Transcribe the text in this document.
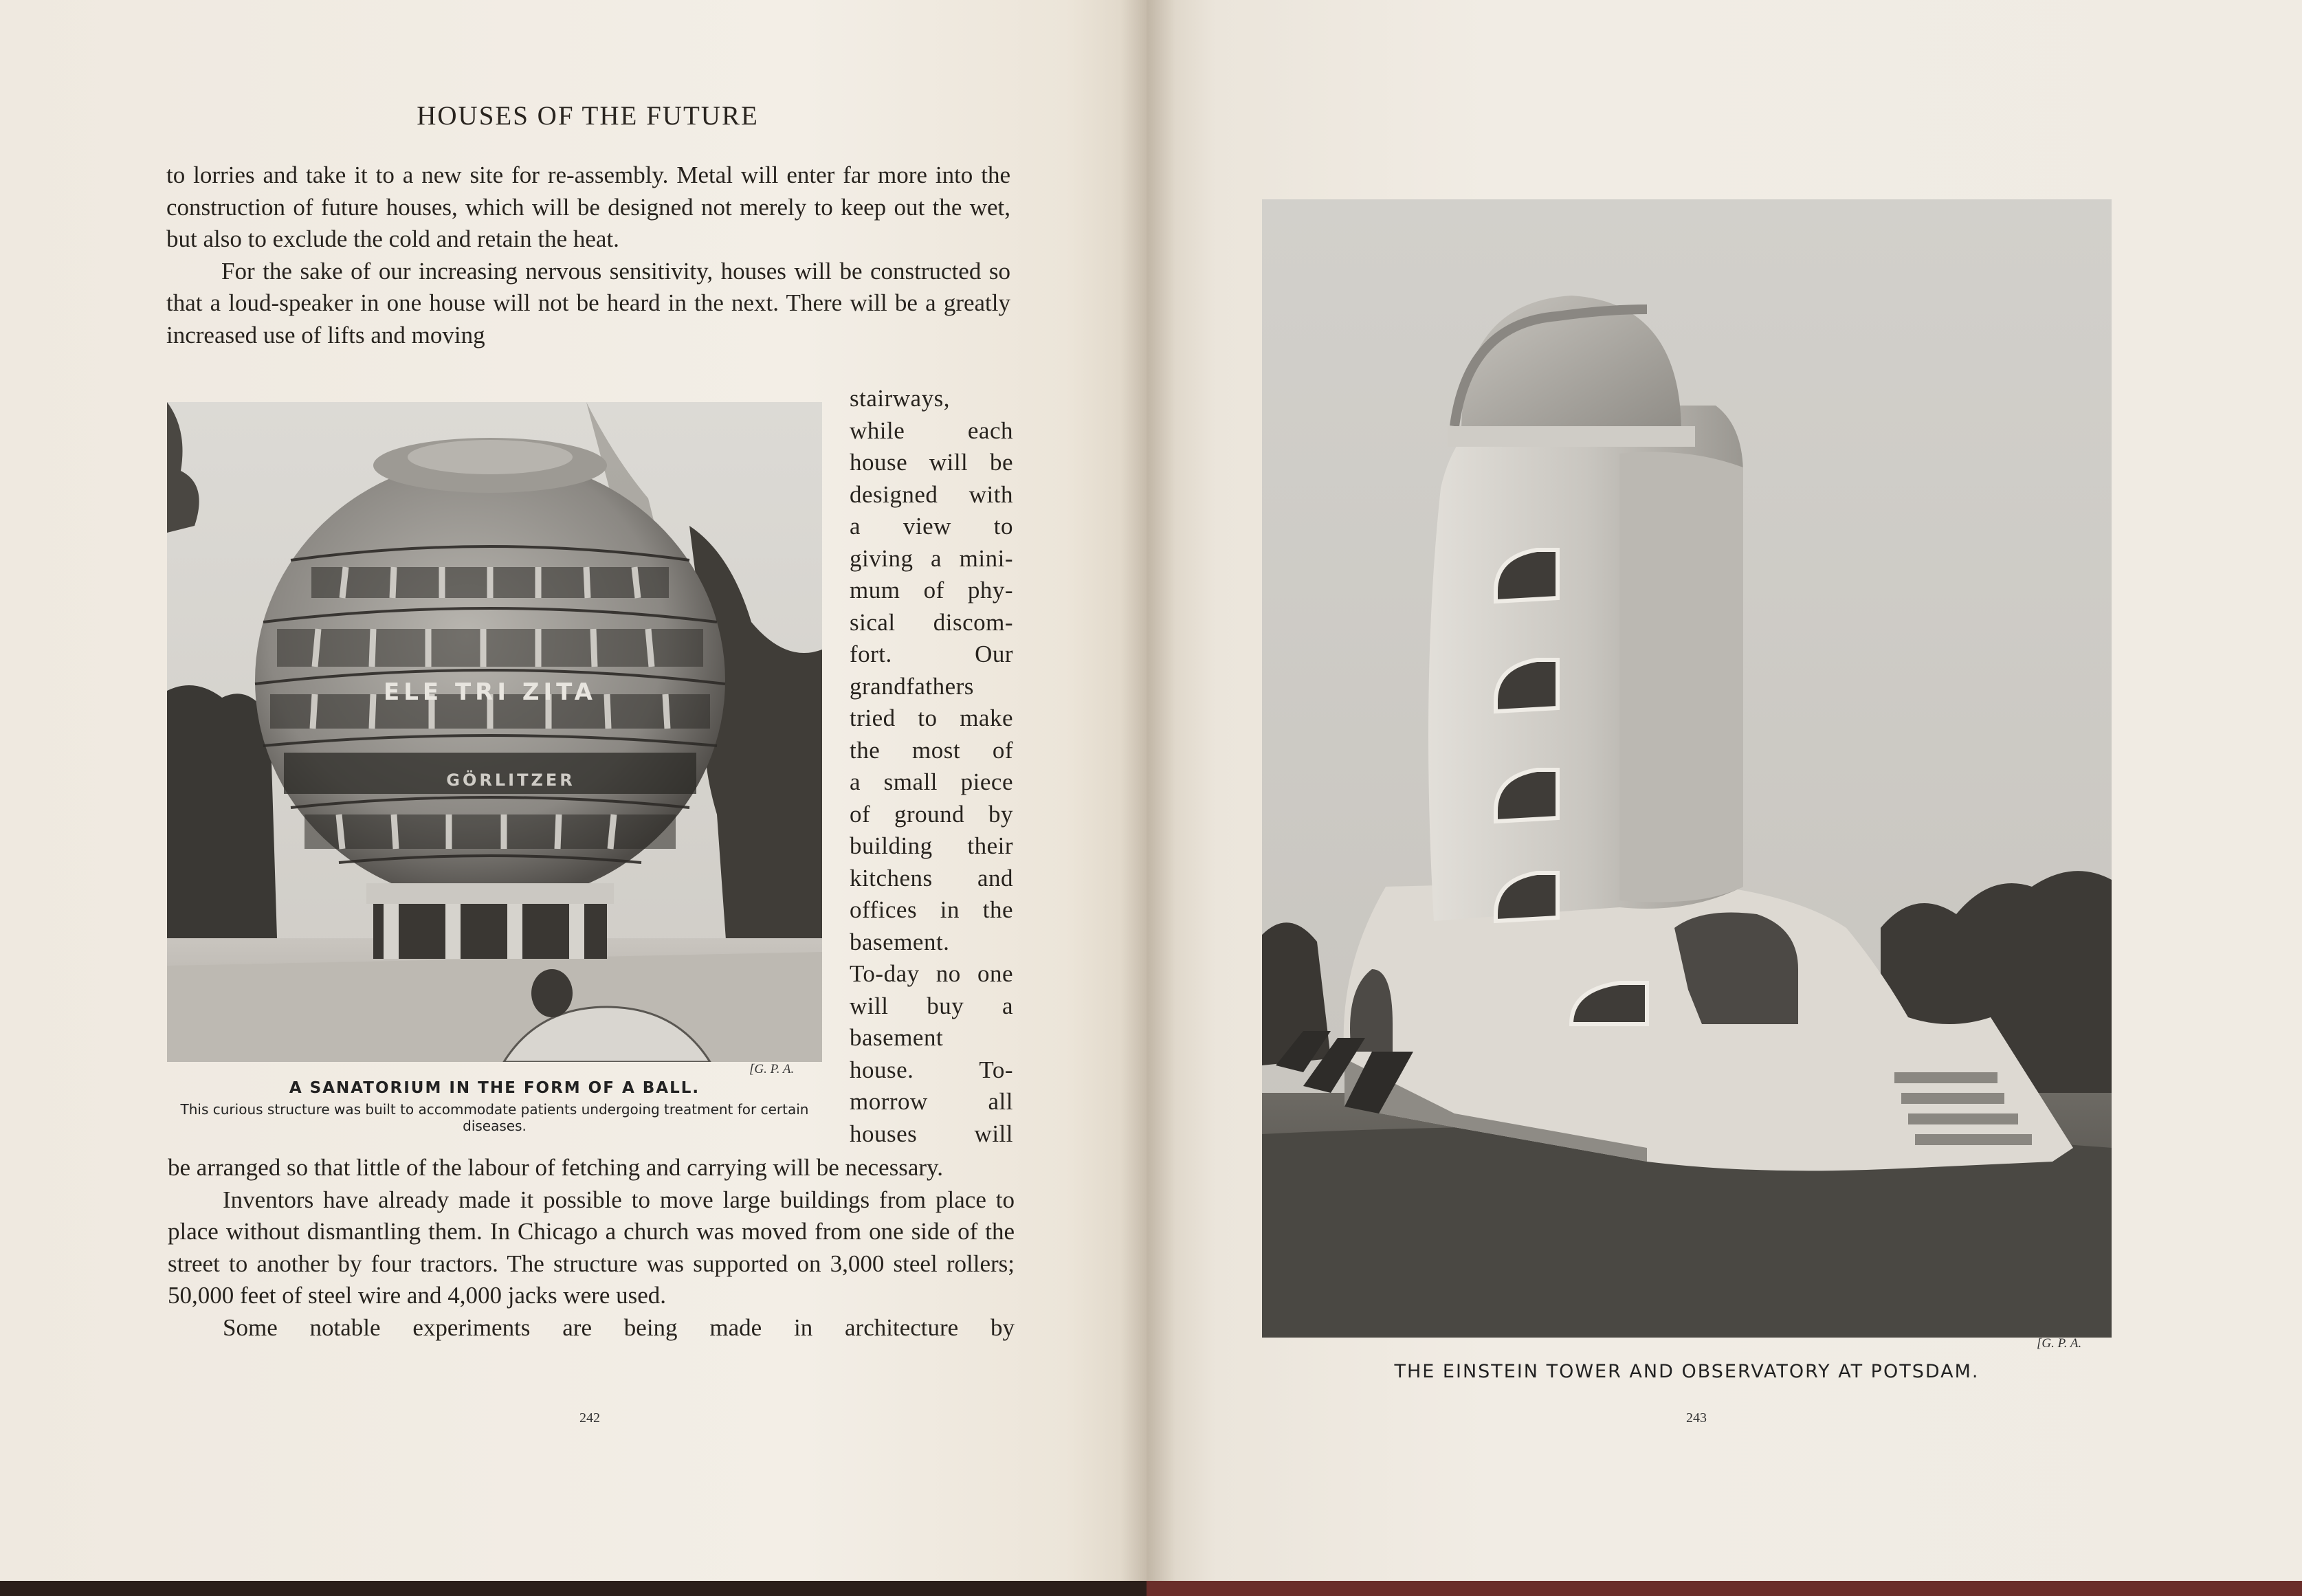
HOUSES OF THE FUTURE

to lorries and take it to a new site for re-assembly. Metal will enter far more into the construction of future houses, which will be designed not merely to keep out the wet, but also to exclude the cold and retain the heat.

For the sake of our increasing nervous sensitivity, houses will be constructed so that a loud-speaker in one house will not be heard in the next. There will be a greatly increased use of lifts and moving

ELE TRI ZITA
GÖRLITZER
[G. P. A.
A SANATORIUM IN THE FORM OF A BALL.
This curious structure was built to accommodate patients undergoing treatment for certain diseases.

stairways,

while each

house will be

designed with

a view to

giving a mini-

mum of phy-

sical discom-

fort. Our

grandfathers

tried to make

the most of

a small piece

of ground by

building their

kitchens and

offices in the

basement.

To-day no one

will buy a

basement

house. To-

morrow all

houses will

be arranged so that little of the labour of fetching and carrying will be necessary.

Inventors have already made it possible to move large buildings from place to place without dismantling them. In Chicago a church was moved from one side of the street to another by four tractors. The structure was supported on 3,000 steel rollers; 50,000 feet of steel wire and 4,000 jacks were used.

Some notable experiments are being made in architecture by

242
[G. P. A.
THE EINSTEIN TOWER AND OBSERVATORY AT POTSDAM.
243
